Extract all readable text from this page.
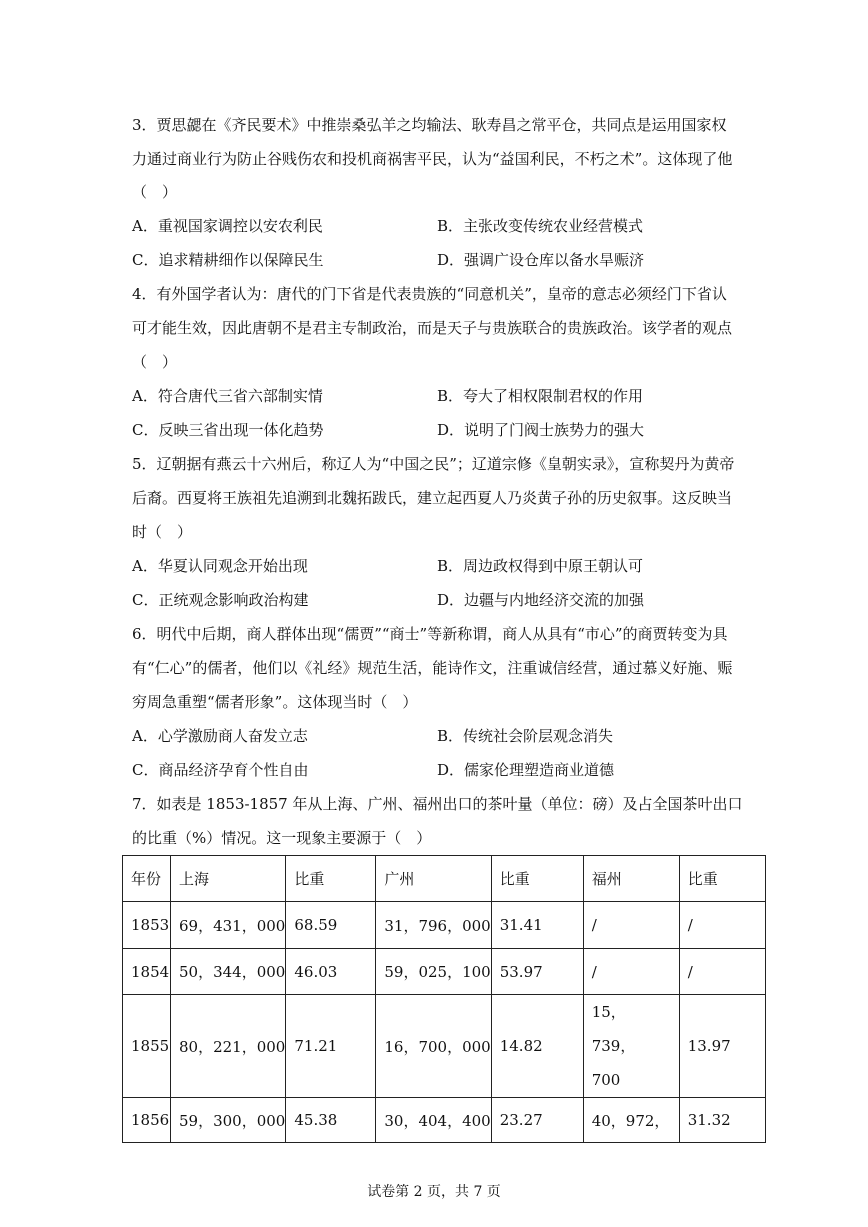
3．贾思勰在《齐民要术》中推崇桑弘羊之均输法、耿寿昌之常平仓，共同点是运用国家权
力通过商业行为防止谷贱伤农和投机商祸害平民，认为“益国利民，不朽之术”。这体现了他
（　）
A．重视国家调控以安农利民	B．主张改变传统农业经营模式
C．追求精耕细作以保障民生	D．强调广设仓库以备水旱赈济
4．有外国学者认为：唐代的门下省是代表贵族的“同意机关”，皇帝的意志必须经门下省认
可才能生效，因此唐朝不是君主专制政治，而是天子与贵族联合的贵族政治。该学者的观点
（　）
A．符合唐代三省六部制实情	B．夸大了相权限制君权的作用
C．反映三省出现一体化趋势	D．说明了门阀士族势力的强大
5．辽朝据有燕云十六州后，称辽人为“中国之民”；辽道宗修《皇朝实录》，宣称契丹为黄帝
后裔。西夏将王族祖先追溯到北魏拓跋氏，建立起西夏人乃炎黄子孙的历史叙事。这反映当
时（　）
A．华夏认同观念开始出现	B．周边政权得到中原王朝认可
C．正统观念影响政治构建	D．边疆与内地经济交流的加强
6．明代中后期，商人群体出现“儒贾”“商士”等新称谓，商人从具有“市心”的商贾转变为具
有“仁心”的儒者，他们以《礼经》规范生活，能诗作文，注重诚信经营，通过慕义好施、赈
穷周急重塑“儒者形象”。这体现当时（　）
A．心学激励商人奋发立志	B．传统社会阶层观念消失
C．商品经济孕育个性自由	D．儒家伦理塑造商业道德
7．如表是 1853-1857 年从上海、广州、福州出口的茶叶量（单位：磅）及占全国茶叶出口
的比重（%）情况。这一现象主要源于（　）
年份	上海	比重	广州	比重	福州	比重
1853	69，431，000	68.59	31，796，000	31.41	/	/
1854	50，344，000	46.03	59，025，100	53.97	/	/
1855	80，221，000	71.21	16，700，000	14.82	15，739，700	13.97
1856	59，300，000	45.38	30，404，400	23.27	40，972，	31.32
试卷第 2 页，共 7 页
